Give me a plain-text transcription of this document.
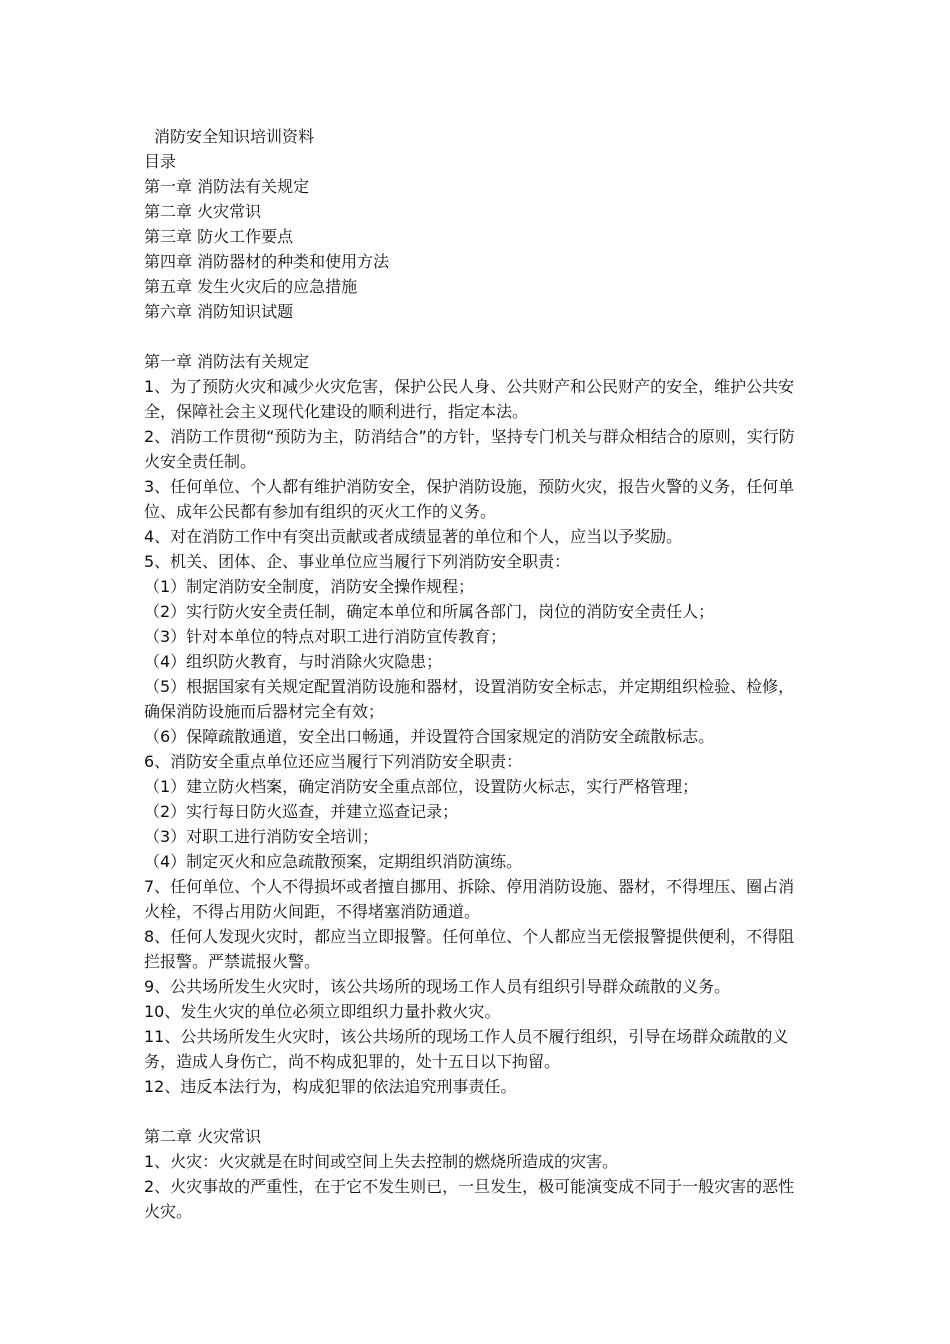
消防安全知识培训资料

目录

第一章 消防法有关规定

第二章 火灾常识

第三章 防火工作要点

第四章 消防器材的种类和使用方法

第五章 发生火灾后的应急措施

第六章 消防知识试题

第一章 消防法有关规定

1、为了预防火灾和减少火灾危害，保护公民人身、公共财产和公民财产的安全，维护公共安全，保障社会主义现代化建设的顺利进行，指定本法。

2、消防工作贯彻“预防为主，防消结合”的方针，坚持专门机关与群众相结合的原则，实行防火安全责任制。

3、任何单位、个人都有维护消防安全，保护消防设施，预防火灾，报告火警的义务，任何单位、成年公民都有参加有组织的灭火工作的义务。

4、对在消防工作中有突出贡献或者成绩显著的单位和个人，应当以予奖励。

5、机关、团体、企、事业单位应当履行下列消防安全职责：

（1）制定消防安全制度，消防安全操作规程；

（2）实行防火安全责任制，确定本单位和所属各部门，岗位的消防安全责任人；

（3）针对本单位的特点对职工进行消防宣传教育；

（4）组织防火教育，与时消除火灾隐患；

（5）根据国家有关规定配置消防设施和器材，设置消防安全标志，并定期组织检验、检修，确保消防设施而后器材完全有效；

（6）保障疏散通道，安全出口畅通，并设置符合国家规定的消防安全疏散标志。

6、消防安全重点单位还应当履行下列消防安全职责：

（1）建立防火档案，确定消防安全重点部位，设置防火标志，实行严格管理；

（2）实行每日防火巡查，并建立巡查记录；

（3）对职工进行消防安全培训；

（4）制定灭火和应急疏散预案，定期组织消防演练。

7、任何单位、个人不得损坏或者擅自挪用、拆除、停用消防设施、器材，不得埋压、圈占消火栓，不得占用防火间距，不得堵塞消防通道。

8、任何人发现火灾时，都应当立即报警。任何单位、个人都应当无偿报警提供便利，不得阻拦报警。严禁谎报火警。

9、公共场所发生火灾时，该公共场所的现场工作人员有组织引导群众疏散的义务。

10、发生火灾的单位必须立即组织力量扑救火灾。

11、公共场所发生火灾时，该公共场所的现场工作人员不履行组织，引导在场群众疏散的义务，造成人身伤亡，尚不构成犯罪的，处十五日以下拘留。

12、违反本法行为，构成犯罪的依法追究刑事责任。

第二章 火灾常识

1、火灾：火灾就是在时间或空间上失去控制的燃烧所造成的灾害。

2、火灾事故的严重性，在于它不发生则已，一旦发生，极可能演变成不同于一般灾害的恶性火灾。
